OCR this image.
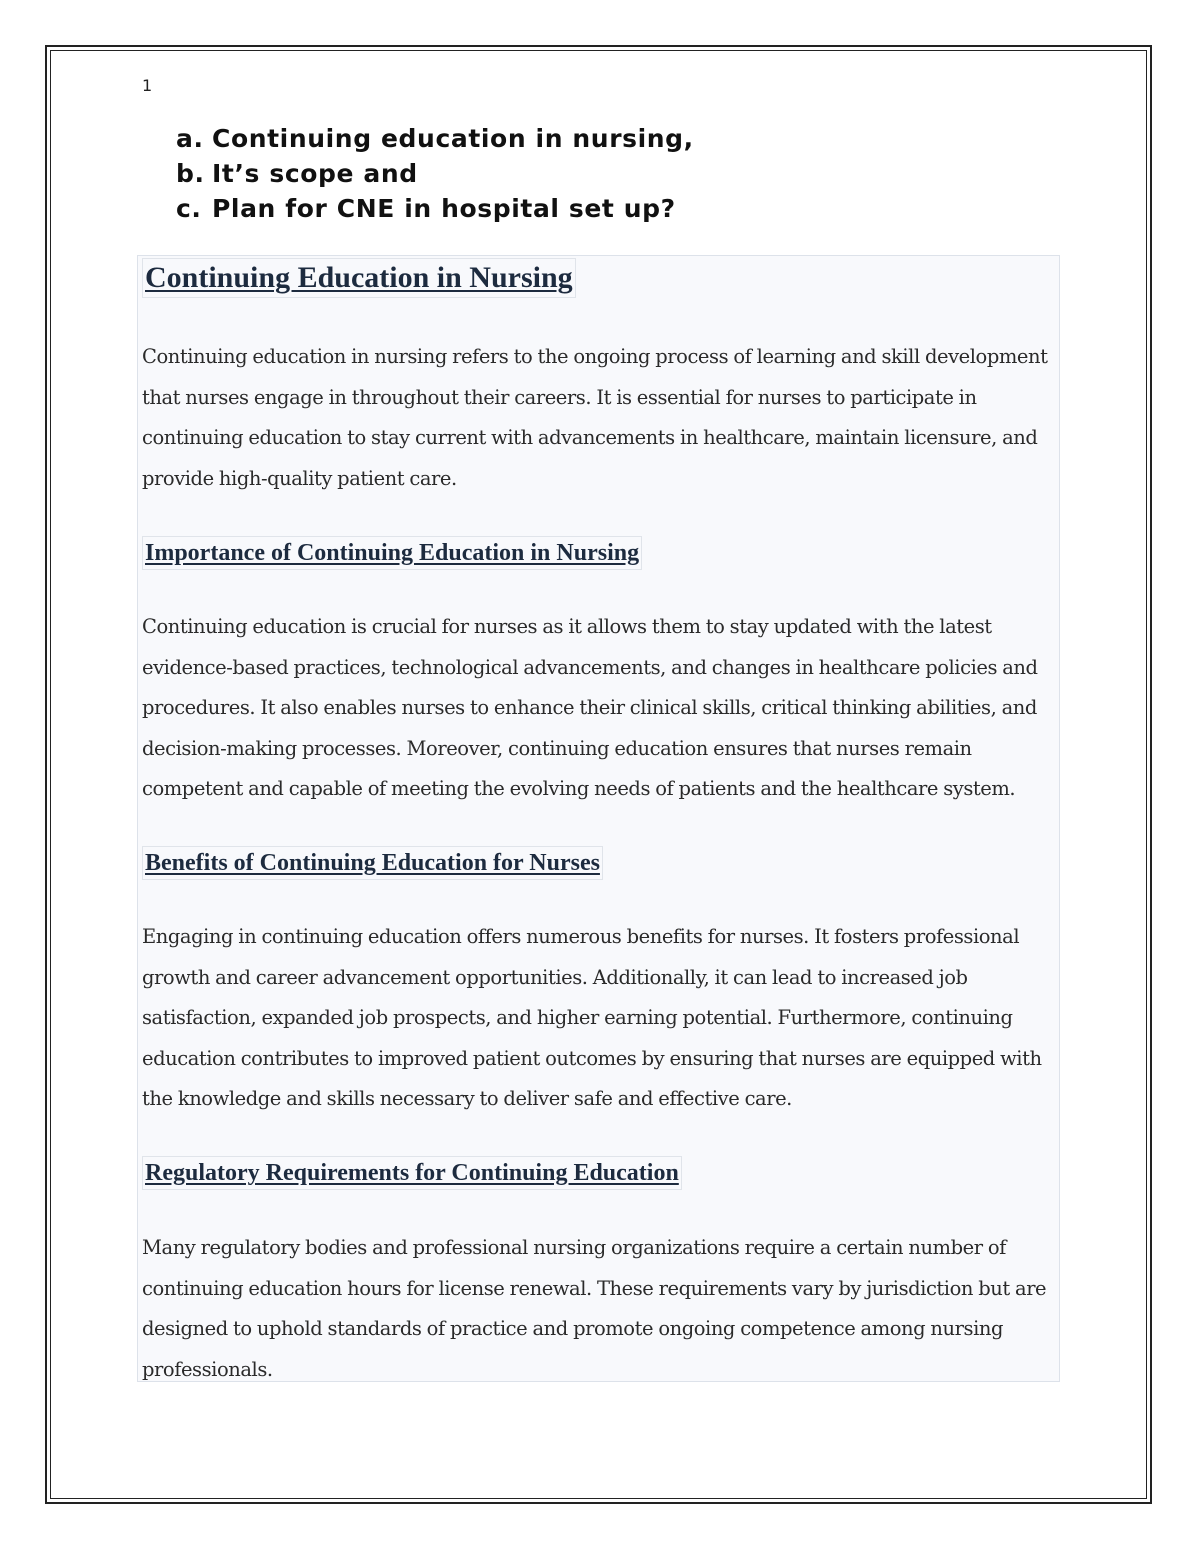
1
a. Continuing education in nursing,
b. It’s scope and
c. Plan for CNE in hospital set up?
Continuing Education in Nursing

Continuing education in nursing refers to the ongoing process of learning and skill development
that nurses engage in throughout their careers. It is essential for nurses to participate in
continuing education to stay current with advancements in healthcare, maintain licensure, and
provide high-quality patient care.

Importance of Continuing Education in Nursing

Continuing education is crucial for nurses as it allows them to stay updated with the latest
evidence-based practices, technological advancements, and changes in healthcare policies and
procedures. It also enables nurses to enhance their clinical skills, critical thinking abilities, and
decision-making processes. Moreover, continuing education ensures that nurses remain
competent and capable of meeting the evolving needs of patients and the healthcare system.

Benefits of Continuing Education for Nurses

Engaging in continuing education offers numerous benefits for nurses. It fosters professional
growth and career advancement opportunities. Additionally, it can lead to increased job
satisfaction, expanded job prospects, and higher earning potential. Furthermore, continuing
education contributes to improved patient outcomes by ensuring that nurses are equipped with
the knowledge and skills necessary to deliver safe and effective care.

Regulatory Requirements for Continuing Education

Many regulatory bodies and professional nursing organizations require a certain number of
continuing education hours for license renewal. These requirements vary by jurisdiction but are
designed to uphold standards of practice and promote ongoing competence among nursing
professionals.
